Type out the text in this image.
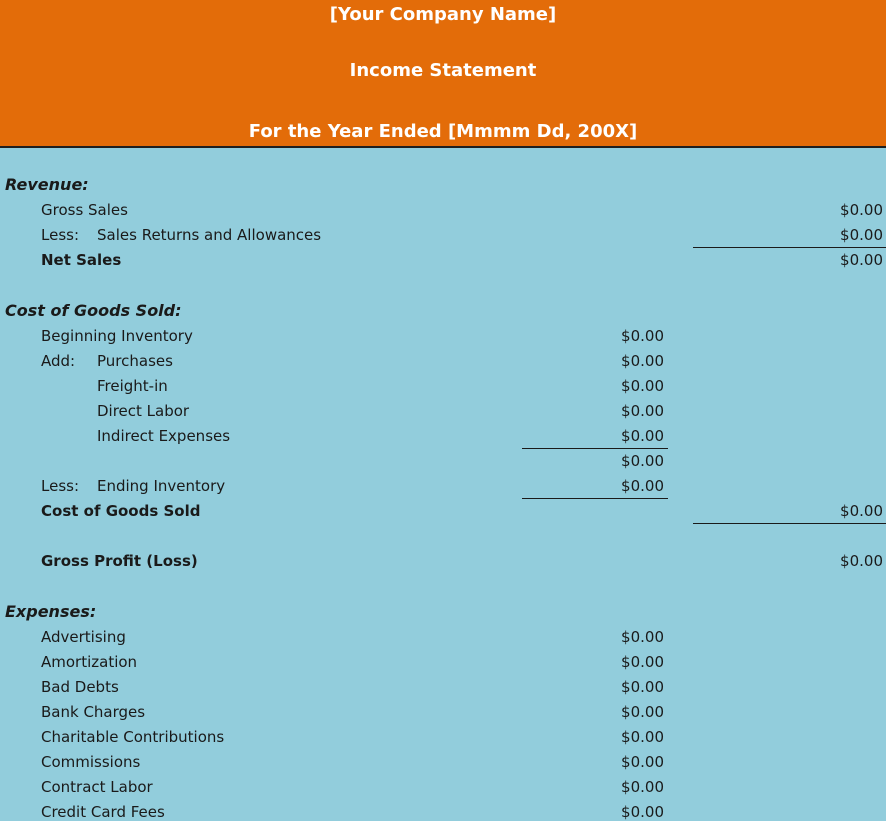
[Your Company Name]
Income Statement
For the Year Ended [Mmmm Dd, 200X]
Revenue:
Gross Sales	$0.00
Less: Sales Returns and Allowances	$0.00
Net Sales	$0.00
Cost of Goods Sold:
Beginning Inventory	$0.00
Add: Purchases	$0.00
Freight-in	$0.00
Direct Labor	$0.00
Indirect Expenses	$0.00
$0.00
Less: Ending Inventory	$0.00
Cost of Goods Sold	$0.00
Gross Profit (Loss)	$0.00
Expenses:
Advertising	$0.00
Amortization	$0.00
Bad Debts	$0.00
Bank Charges	$0.00
Charitable Contributions	$0.00
Commissions	$0.00
Contract Labor	$0.00
Credit Card Fees	$0.00
